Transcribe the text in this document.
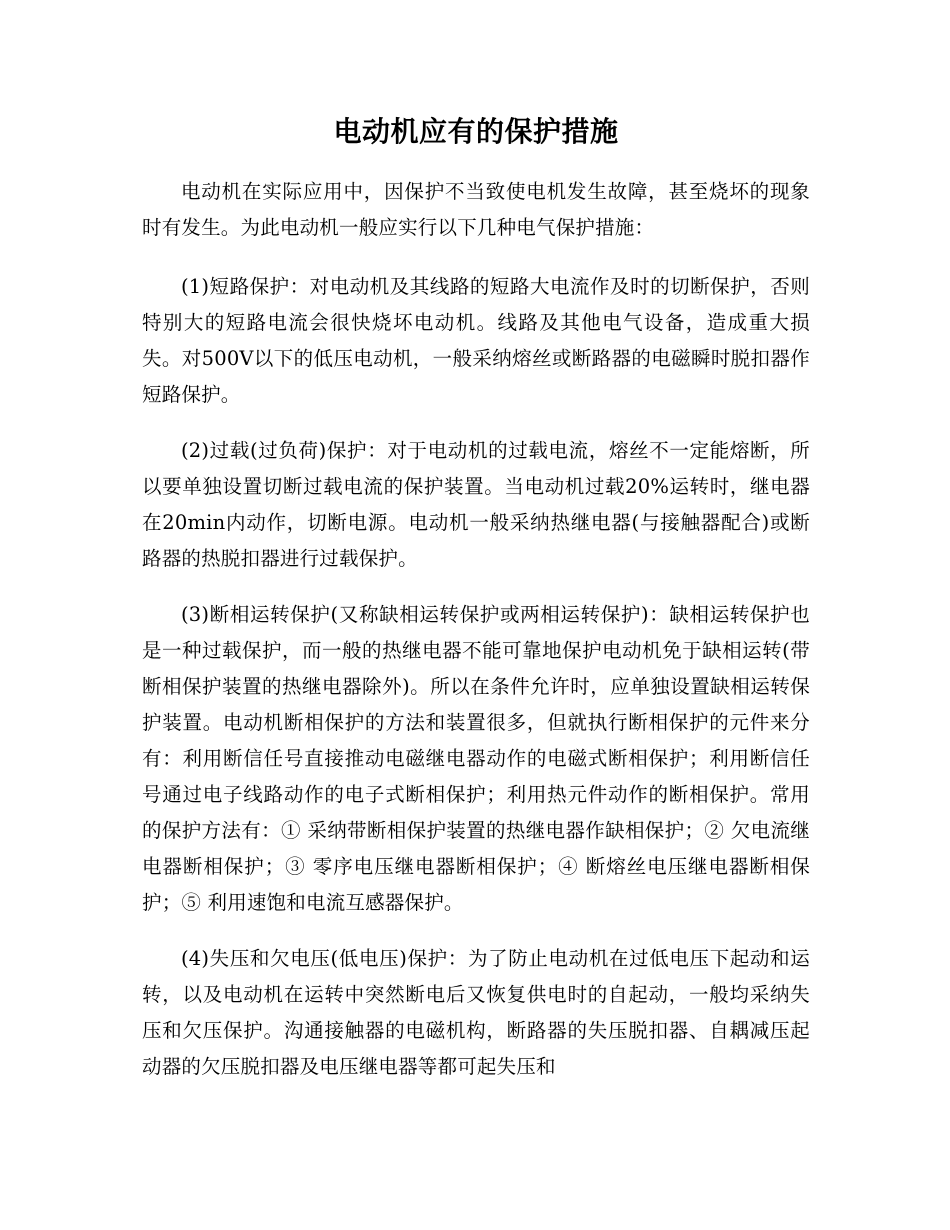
电动机应有的保护措施

电动机在实际应用中，因保护不当致使电机发生故障，甚至烧坏的现象时有发生。为此电动机一般应实行以下几种电气保护措施：

(1)短路保护：对电动机及其线路的短路大电流作及时的切断保护，否则特别大的短路电流会很快烧坏电动机。线路及其他电气设备，造成重大损失。对500V以下的低压电动机，一般采纳熔丝或断路器的电磁瞬时脱扣器作短路保护。

(2)过载(过负荷)保护：对于电动机的过载电流，熔丝不一定能熔断，所以要单独设置切断过载电流的保护装置。当电动机过载20%运转时，继电器在20min内动作，切断电源。电动机一般采纳热继电器(与接触器配合)或断路器的热脱扣器进行过载保护。

(3)断相运转保护(又称缺相运转保护或两相运转保护)：缺相运转保护也是一种过载保护，而一般的热继电器不能可靠地保护电动机免于缺相运转(带断相保护装置的热继电器除外)。所以在条件允许时，应单独设置缺相运转保护装置。电动机断相保护的方法和装置很多，但就执行断相保护的元件来分有：利用断信任号直接推动电磁继电器动作的电磁式断相保护；利用断信任号通过电子线路动作的电子式断相保护；利用热元件动作的断相保护。常用的保护方法有：① 采纳带断相保护装置的热继电器作缺相保护；② 欠电流继电器断相保护；③ 零序电压继电器断相保护；④ 断熔丝电压继电器断相保护；⑤ 利用速饱和电流互感器保护。

(4)失压和欠电压(低电压)保护：为了防止电动机在过低电压下起动和运转，以及电动机在运转中突然断电后又恢复供电时的自起动，一般均采纳失压和欠压保护。沟通接触器的电磁机构，断路器的失压脱扣器、自耦减压起动器的欠压脱扣器及电压继电器等都可起失压和
